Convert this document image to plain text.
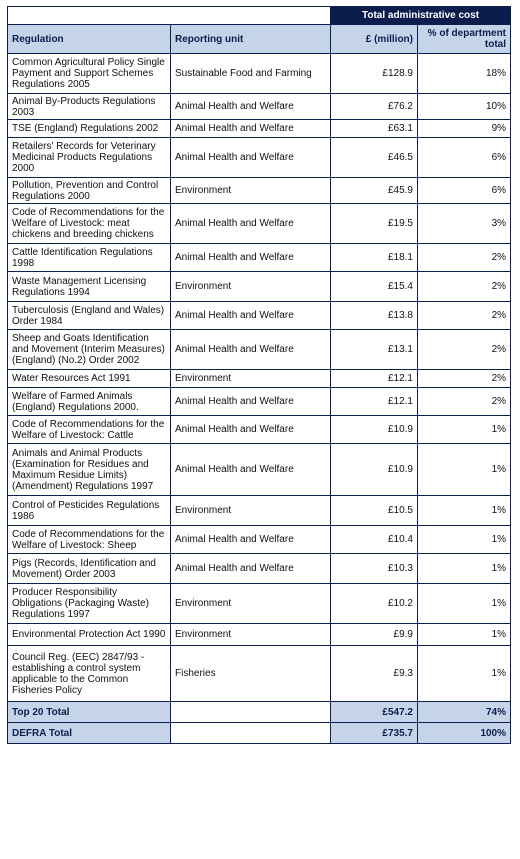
		Total administrative cost	
Regulation	Reporting unit	£ (million)	% of department total
Common Agricultural Policy Single Payment and Support Schemes Regulations 2005	Sustainable Food and Farming	£128.9	18%
Animal By-Products Regulations 2003	Animal Health and Welfare	£76.2	10%
TSE (England) Regulations 2002	Animal Health and Welfare	£63.1	9%
Retailers' Records for Veterinary Medicinal Products Regulations 2000	Animal Health and Welfare	£46.5	6%
Pollution, Prevention and Control Regulations 2000	Environment	£45.9	6%
Code of Recommendations for the Welfare of Livestock: meat chickens and breeding chickens	Animal Health and Welfare	£19.5	3%
Cattle Identification Regulations 1998	Animal Health and Welfare	£18.1	2%
Waste Management Licensing Regulations 1994	Environment	£15.4	2%
Tuberculosis (England and Wales) Order 1984	Animal Health and Welfare	£13.8	2%
Sheep and Goats Identification and Movement (Interim Measures) (England) (No.2) Order 2002	Animal Health and Welfare	£13.1	2%
Water Resources Act 1991	Environment	£12.1	2%
Welfare of Farmed Animals (England) Regulations 2000.	Animal Health and Welfare	£12.1	2%
Code of Recommendations for the Welfare of Livestock: Cattle	Animal Health and Welfare	£10.9	1%
Animals and Animal Products (Examination for Residues and Maximum Residue Limits) (Amendment) Regulations 1997	Animal Health and Welfare	£10.9	1%
Control of Pesticides Regulations 1986	Environment	£10.5	1%
Code of Recommendations for the Welfare of Livestock: Sheep	Animal Health and Welfare	£10.4	1%
Pigs (Records, Identification and Movement) Order 2003	Animal Health and Welfare	£10.3	1%
Producer Responsibility Obligations (Packaging Waste) Regulations 1997	Environment	£10.2	1%
Environmental Protection Act 1990	Environment	£9.9	1%
Council Reg. (EEC) 2847/93 - establishing a control system applicable to the Common Fisheries Policy	Fisheries	£9.3	1%
Top 20 Total		£547.2	74%
DEFRA Total		£735.7	100%
